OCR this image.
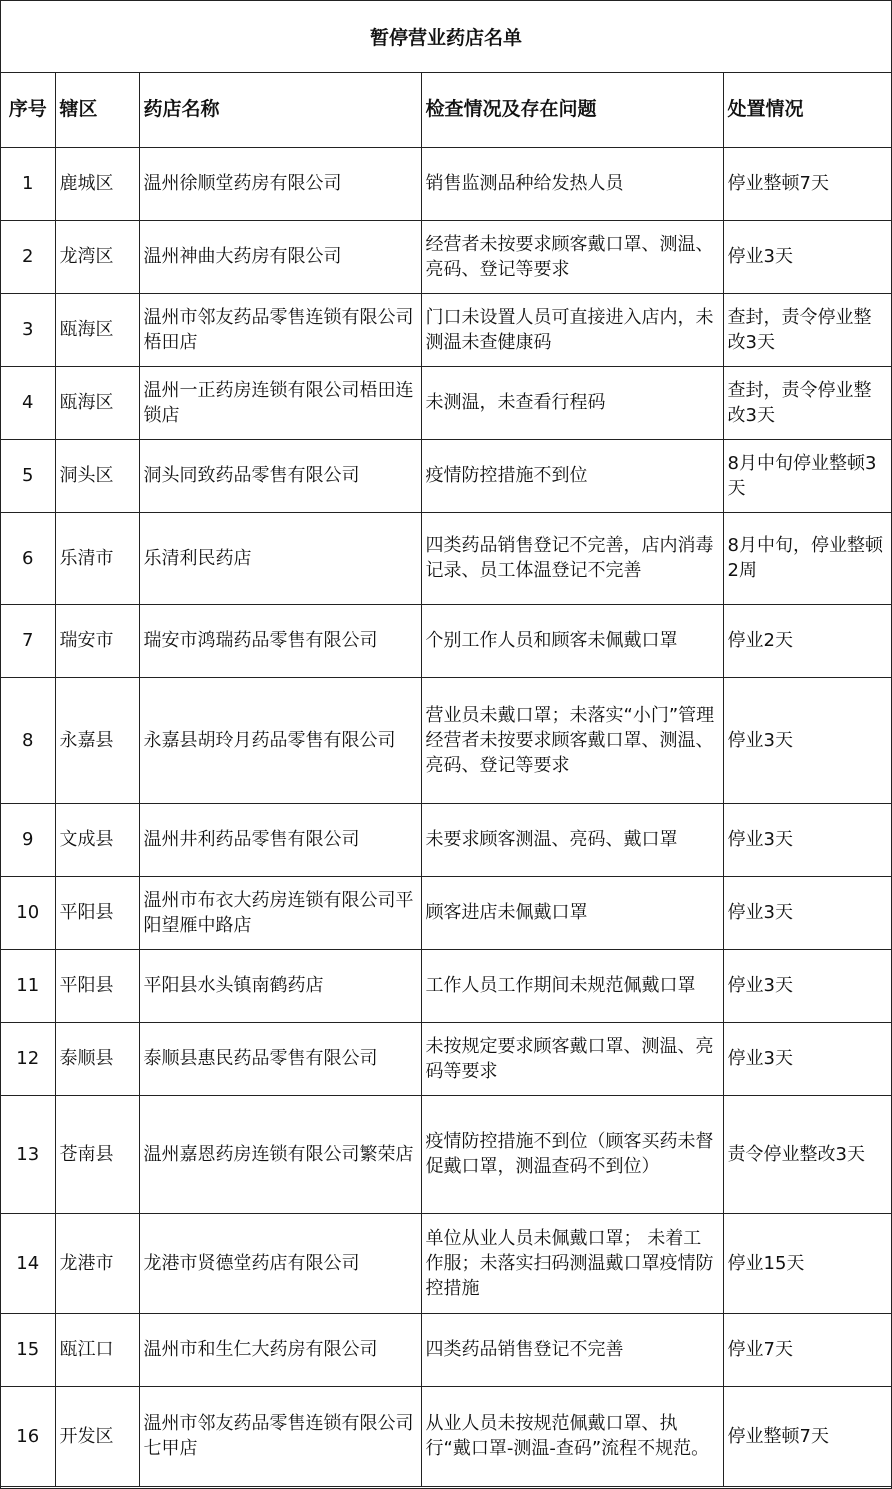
暂停营业药店名单
序号	辖区	药店名称	检查情况及存在问题	处置情况
1	鹿城区	温州徐顺堂药房有限公司	销售监测品种给发热人员	停业整顿7天
2	龙湾区	温州神曲大药房有限公司	经营者未按要求顾客戴口罩、测温、亮码、登记等要求	停业3天
3	瓯海区	温州市邻友药品零售连锁有限公司梧田店	门口未设置人员可直接进入店内，未测温未查健康码	查封，责令停业整改3天
4	瓯海区	温州一正药房连锁有限公司梧田连锁店	未测温，未查看行程码	查封，责令停业整改3天
5	洞头区	洞头同致药品零售有限公司	疫情防控措施不到位	8月中旬停业整顿3天
6	乐清市	乐清利民药店	四类药品销售登记不完善，店内消毒记录、员工体温登记不完善	8月中旬，停业整顿2周
7	瑞安市	瑞安市鸿瑞药品零售有限公司	个别工作人员和顾客未佩戴口罩	停业2天
8	永嘉县	永嘉县胡玲月药品零售有限公司	营业员未戴口罩；未落实“小门”管理经营者未按要求顾客戴口罩、测温、亮码、登记等要求	停业3天
9	文成县	温州井利药品零售有限公司	未要求顾客测温、亮码、戴口罩	停业3天
10	平阳县	温州市布衣大药房连锁有限公司平阳望雁中路店	顾客进店未佩戴口罩	停业3天
11	平阳县	平阳县水头镇南鹤药店	工作人员工作期间未规范佩戴口罩	停业3天
12	泰顺县	泰顺县惠民药品零售有限公司	未按规定要求顾客戴口罩、测温、亮码等要求	停业3天
13	苍南县	温州嘉恩药房连锁有限公司繁荣店	疫情防控措施不到位（顾客买药未督促戴口罩，测温查码不到位）	责令停业整改3天
14	龙港市	龙港市贤德堂药店有限公司	单位从业人员未佩戴口罩； 未着工作服；未落实扫码测温戴口罩疫情防控措施	停业15天
15	瓯江口	温州市和生仁大药房有限公司	四类药品销售登记不完善	停业7天
16	开发区	温州市邻友药品零售连锁有限公司七甲店	从业人员未按规范佩戴口罩、执行“戴口罩-测温-查码”流程不规范。	停业整顿7天
